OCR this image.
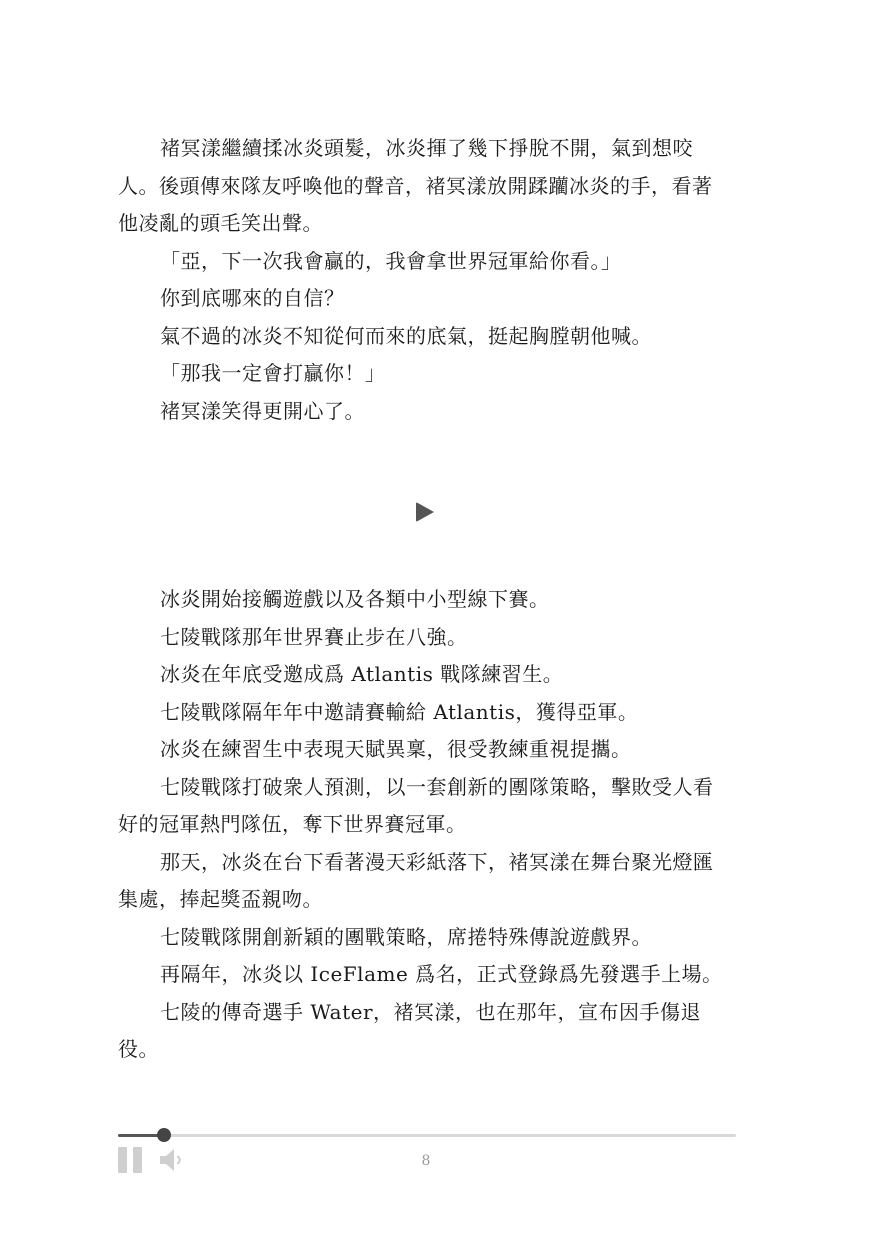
褚冥漾繼續揉冰炎頭髮，冰炎揮了幾下掙脫不開，氣到想咬人。後頭傳來隊友呼喚他的聲音，褚冥漾放開蹂躪冰炎的手，看著他凌亂的頭毛笑出聲。

「亞，下一次我會贏的，我會拿世界冠軍給你看。」

你到底哪來的自信？

氣不過的冰炎不知從何而來的底氣，挺起胸膛朝他喊。

「那我一定會打贏你！」

褚冥漾笑得更開心了。

冰炎開始接觸遊戲以及各類中小型線下賽。

七陵戰隊那年世界賽止步在八強。

冰炎在年底受邀成爲 Atlantis 戰隊練習生。

七陵戰隊隔年年中邀請賽輸給 Atlantis，獲得亞軍。

冰炎在練習生中表現天賦異稟，很受教練重視提攜。

七陵戰隊打破衆人預測，以一套創新的團隊策略，擊敗受人看好的冠軍熱門隊伍，奪下世界賽冠軍。

那天，冰炎在台下看著漫天彩紙落下，褚冥漾在舞台聚光燈匯集處，捧起獎盃親吻。

七陵戰隊開創新穎的團戰策略，席捲特殊傳說遊戲界。

再隔年，冰炎以 IceFlame 爲名，正式登錄爲先發選手上場。

七陵的傳奇選手 Water，褚冥漾，也在那年，宣布因手傷退役。

8
